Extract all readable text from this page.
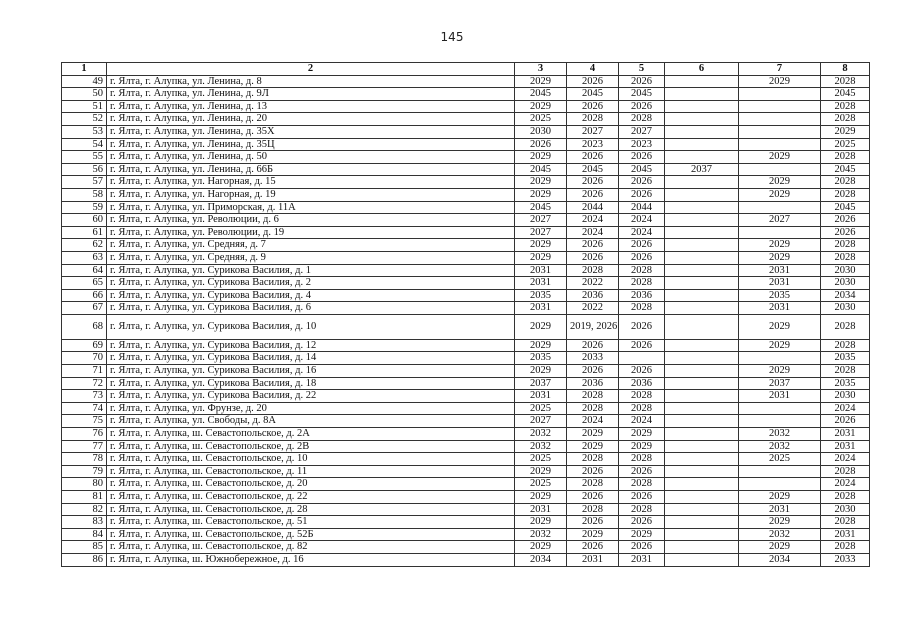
145
1	2	3	4	5	6	7	8
49	г. Ялта, г. Алупка, ул. Ленина, д. 8	2029	2026	2026		2029	2028
50	г. Ялта, г. Алупка, ул. Ленина, д. 9Л	2045	2045	2045			2045
51	г. Ялта, г. Алупка, ул. Ленина, д. 13	2029	2026	2026			2028
52	г. Ялта, г. Алупка, ул. Ленина, д. 20	2025	2028	2028			2028
53	г. Ялта, г. Алупка, ул. Ленина, д. 35Х	2030	2027	2027			2029
54	г. Ялта, г. Алупка, ул. Ленина, д. 35Ц	2026	2023	2023			2025
55	г. Ялта, г. Алупка, ул. Ленина, д. 50	2029	2026	2026		2029	2028
56	г. Ялта, г. Алупка, ул. Ленина, д. 66Б	2045	2045	2045	2037		2045
57	г. Ялта, г. Алупка, ул. Нагорная, д. 15	2029	2026	2026		2029	2028
58	г. Ялта, г. Алупка, ул. Нагорная, д. 19	2029	2026	2026		2029	2028
59	г. Ялта, г. Алупка, ул. Приморская, д. 11А	2045	2044	2044			2045
60	г. Ялта, г. Алупка, ул. Революции, д. 6	2027	2024	2024		2027	2026
61	г. Ялта, г. Алупка, ул. Революции, д. 19	2027	2024	2024			2026
62	г. Ялта, г. Алупка, ул. Средняя, д. 7	2029	2026	2026		2029	2028
63	г. Ялта, г. Алупка, ул. Средняя, д. 9	2029	2026	2026		2029	2028
64	г. Ялта, г. Алупка, ул. Сурикова Василия, д. 1	2031	2028	2028		2031	2030
65	г. Ялта, г. Алупка, ул. Сурикова Василия, д. 2	2031	2022	2028		2031	2030
66	г. Ялта, г. Алупка, ул. Сурикова Василия, д. 4	2035	2036	2036		2035	2034
67	г. Ялта, г. Алупка, ул. Сурикова Василия, д. 6	2031	2022	2028		2031	2030
68	г. Ялта, г. Алупка, ул. Сурикова Василия, д. 10	2029	2019, 2026	2026		2029	2028
69	г. Ялта, г. Алупка, ул. Сурикова Василия, д. 12	2029	2026	2026		2029	2028
70	г. Ялта, г. Алупка, ул. Сурикова Василия, д. 14	2035	2033				2035
71	г. Ялта, г. Алупка, ул. Сурикова Василия, д. 16	2029	2026	2026		2029	2028
72	г. Ялта, г. Алупка, ул. Сурикова Василия, д. 18	2037	2036	2036		2037	2035
73	г. Ялта, г. Алупка, ул. Сурикова Василия, д. 22	2031	2028	2028		2031	2030
74	г. Ялта, г. Алупка, ул. Фрунзе, д. 20	2025	2028	2028			2024
75	г. Ялта, г. Алупка, ул. Свободы, д. 8А	2027	2024	2024			2026
76	г. Ялта, г. Алупка, ш. Севастопольское, д. 2А	2032	2029	2029		2032	2031
77	г. Ялта, г. Алупка, ш. Севастопольское, д. 2В	2032	2029	2029		2032	2031
78	г. Ялта, г. Алупка, ш. Севастопольское, д. 10	2025	2028	2028		2025	2024
79	г. Ялта, г. Алупка, ш. Севастопольское, д. 11	2029	2026	2026			2028
80	г. Ялта, г. Алупка, ш. Севастопольское, д. 20	2025	2028	2028			2024
81	г. Ялта, г. Алупка, ш. Севастопольское, д. 22	2029	2026	2026		2029	2028
82	г. Ялта, г. Алупка, ш. Севастопольское, д. 28	2031	2028	2028		2031	2030
83	г. Ялта, г. Алупка, ш. Севастопольское, д. 51	2029	2026	2026		2029	2028
84	г. Ялта, г. Алупка, ш. Севастопольское, д. 52Б	2032	2029	2029		2032	2031
85	г. Ялта, г. Алупка, ш. Севастопольское, д. 82	2029	2026	2026		2029	2028
86	г. Ялта, г. Алупка, ш. Южнобережное, д. 16	2034	2031	2031		2034	2033
